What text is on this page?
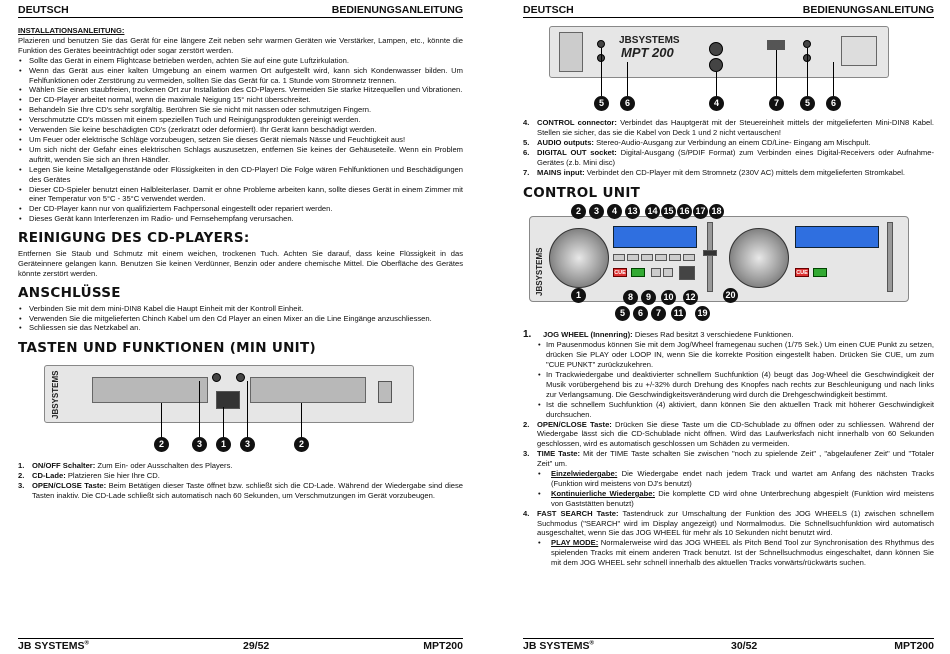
DEUTSCH	BEDIENUNGSANLEITUNG
INSTALLATIONSANLEITUNG:
Plazieren und benutzen Sie das Gerät für eine längere Zeit neben sehr warmen Geräten wie Verstärker, Lampen, etc., könnte die Funktion des Gerätes beeinträchtigt oder sogar zerstört werden.
• Sollte das Gerät in einem Flightcase betrieben werden, achten Sie auf eine gute Luftzirkulation.
• Wenn das Gerät aus einer kalten Umgebung an einem warmen Ort aufgestellt wird, kann sich Kondenwasser bilden. Um Fehlfunktionen oder Zerstörung zu vermeiden, sollten Sie das Gerät für ca. 1 Stunde vom Stromnetz trennen.
• Wählen Sie einen staubfreien, trockenen Ort zur Installation des CD-Players. Vermeiden Sie starke Hitzequellen und Vibrationen.
• Der CD-Player arbeitet normal, wenn die maximale Neigung 15° nicht überschreitet.
• Behandeln Sie Ihre CD's sehr sorgfältig. Berühren Sie sie nicht mit nassen oder schmutzigen Fingern.
• Verschmutzte CD's müssen mit einem speziellen Tuch und Reinigungsprodukten gereinigt werden.
• Verwenden Sie keine beschädigten CD's (zerkratzt oder deformiert). Ihr Gerät kann beschädigt werden.
• Um Feuer oder elektrische Schläge vorzubeugen, setzen Sie dieses Gerät niemals Nässe und Feuchtigkeit aus!
• Um sich nicht der Gefahr eines elektrischen Schlags auszusetzen, entfernen Sie keines der Gehäuseteile. Wenn ein Problem auftritt, wenden Sie sich an Ihren Händler.
• Legen Sie keine Metallgegenstände oder Flüssigkeiten in den CD-Player! Die Folge wären Fehlfunktionen und Beschädigungen des Gerätes
• Dieser CD-Spieler benutzt einen Halbleiterlaser. Damit er ohne Probleme arbeiten kann, sollte dieses Gerät in einem Zimmer mit einer Temperatur von 5°C - 35°C verwendet werden.
• Der CD-Player kann nur von qualifiziertem Fachpersonal eingestellt oder repariert werden.
• Dieses Gerät kann Interferenzen im Radio- und Fernsehempfang verursachen.
REINIGUNG DES CD-PLAYERS:
Entfernen Sie Staub und Schmutz mit einem weichen, trockenen Tuch. Achten Sie darauf, dass keine Flüssigkeit in das Geräteinnere gelangen kann. Benutzen Sie keinen Verdünner, Benzin oder andere chemische Mittel. Die Oberfläche des Gerätes könnte zerstört werden.
ANSCHLÜSSE
• Verbinden Sie mit dem mini-DIN8 Kabel die Haupt Einheit mit der Kontroll Einheit.
• Verwenden Sie die mitgelieferten Chinch Kabel um den Cd Player an einen Mixer an die Line Eingänge anzuschliessen.
• Schliessen sie das Netzkabel an.
TASTEN UND FUNKTIONEN (MIN UNIT)
JBSYSTEMS
2	3	1	3	2
1. ON/OFF Schalter: Zum Ein- oder Ausschalten des Players.
2. CD-Lade: Platzieren Sie hier Ihre CD.
3. OPEN/CLOSE Taste: Beim Betätigen dieser Taste öffnet bzw. schließt sich die CD-Lade. Während der Wiedergabe sind diese Tasten inaktiv. Die CD-Lade schließt sich automatisch nach 60 Sekunden, um Verschmutzungen im Gerät vorzubeugen.
JB SYSTEMS®	29/52	MPT200
DEUTSCH	BEDIENUNGSANLEITUNG
JBSYSTEMS
MPT 200
5	6	4	7	5	6
4. CONTROL connector: Verbindet das Hauptgerät mit der Steuereinheit mittels der mitgelieferten Mini-DIN8 Kabel. Stellen sie sicher, das sie die Kabel von Deck 1 und 2 nicht vertauschen!
5. AUDIO outputs: Stereo-Audio-Ausgang zur Verbindung an einem CD/Line- Eingang am Mischpult.
6. DIGITAL OUT socket: Digital-Ausgang (S/PDIF Format) zum Verbinden eines Digital-Receivers oder Aufnahme-Gerätes (z.b. Mini disc)
7. MAINS input: Verbindet den CD-Player mit dem Stromnetz (230V AC) mittels dem mitgelieferten Stromkabel.
CONTROL UNIT
JBSYSTEMS	CUE	CUE
2	3	4	13 14 15 16 17 18
1	20
8	9	10 12
5	6	7	11	19
1. JOG WHEEL (Innenring): Dieses Rad besitzt 3 verschiedene Funktionen.
• Im Pausenmodus können Sie mit dem Jog/Wheel framegenau suchen (1/75 Sek.) Um einen CUE Punkt zu setzen, drücken Sie PLAY oder LOOP IN, wenn Sie die korrekte Position eingestellt haben. Drücken Sie CUE, um zum "CUE PUNKT" zurückzukehren.
• In Trackwiedergabe und deaktivierter schnellem Suchfunktion (4) beugt das Jog-Wheel die Geschwindigkeit der Musik vorübergehend bis zu +/-32% durch Drehung des Knopfes nach rechts zur Beschleunigung und nach links zur Verlangsamung. Die Geschwindigkeitsveränderung wird durch die Drehgeschwindigkeit bestimmt.
• Ist die schnellem Suchfunktion (4) aktiviert, dann können Sie den aktuellen Track mit höherer Geschwindigkeit durchsuchen.
2. OPEN/CLOSE Taste: Drücken Sie diese Taste um die CD-Schublade zu öffnen oder zu schliessen. Während der Wiedergabe lässt sich die CD-Schublade nicht öffnen. Wird das Laufwerksfach nicht innerhalb von 60 Sekunden geschlossen, wird es automatisch geschlossen um Schäden zu vermeiden.
3. TIME Taste: Mit der TIME Taste schalten Sie zwischen "noch zu spielende Zeit" , "abgelaufener Zeit" und "Totaler Zeit" um.
• Einzelwiedergabe: Die Wiedergabe endet nach jedem Track und wartet am Anfang des nächsten Tracks (Funktion wird meistens von DJ's benutzt)
• Kontinuierliche Wiedergabe: Die komplette CD wird ohne Unterbrechung abgespielt (Funktion wird meistens von Gaststätten benutzt)
4. FAST SEARCH Taste: Tastendruck zur Umschaltung der Funktion des JOG WHEELS (1) zwischen schnellem Suchmodus ("SEARCH" wird im Display angezeigt) und Normalmodus. Die Schnellsuchfunktion wird automatisch ausgeschaltet, wenn Sie das JOG WHEEL für mehr als 10 Sekunden nicht benutzt wird.
• PLAY MODE: Normalerweise wird das JOG WHEEL als Pitch Bend Tool zur Synchronisation des Rhythmus des spielenden Tracks mit einem anderen Track benutzt. Ist der Schnellsuchmodus eingeschaltet, dann können Sie mit dem JOG WHEEL sehr schnell innerhalb des aktuellen Tracks vorwärts/rückwärts suchen.
JB SYSTEMS®	30/52	MPT200
